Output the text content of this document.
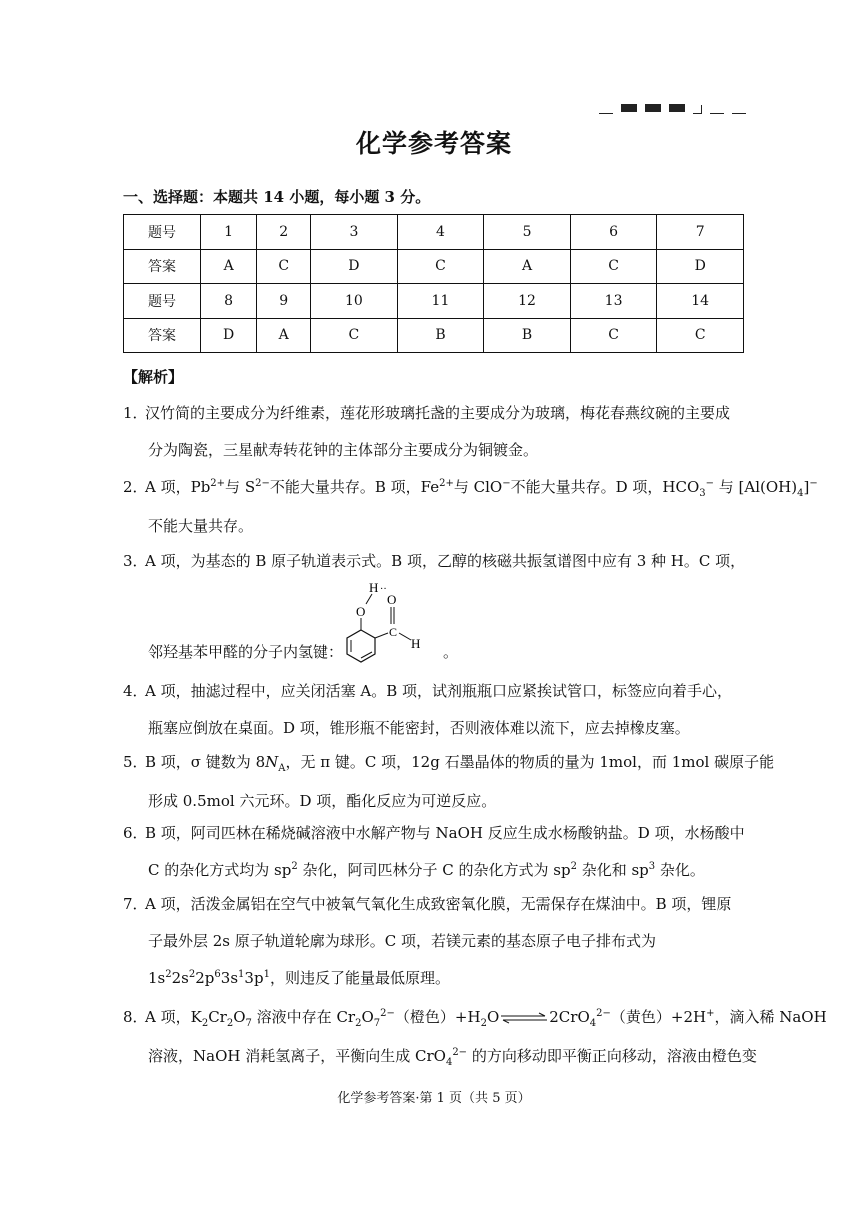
化学参考答案
一、选择题：本题共 14 小题，每小题 3 分。
题号	1	2	3	4	5	6	7
答案	A	C	D	C	A	C	D
题号	8	9	10	11	12	13	14
答案	D	A	C	B	B	C	C
【解析】
1．
汉竹简的主要成分为纤维素，莲花形玻璃托盏的主要成分为玻璃，梅花春燕纹碗的主要成
分为陶瓷，三星献寿转花钟的主体部分主要成分为铜镀金。
2．
A 项，$Pb^{2+}$与 $S^{2-}$不能大量共存。B 项，$Fe^{2+}$与 ClO−不能大量共存。D 项，$HCO_3^-$ 与 $[Al(OH)_4]^-$
不能大量共存。
3．
A 项，为基态的 B 原子轨道表示式。B 项，乙醇的核磁共振氢谱图中应有 3 种 H。C 项，
邻羟基苯甲醛的分子内氢键：
H ··
O
O
C
H 。
4．
A 项，抽滤过程中，应关闭活塞 A。B 项，试剂瓶瓶口应紧挨试管口，标签应向着手心，
瓶塞应倒放在桌面。D 项，锥形瓶不能密封，否则液体难以流下，应去掉橡皮塞。
5．
B 项，σ 键数为 $8N_A$，无 π 键。C 项，12g 石墨晶体的物质的量为 1mol，而 1mol 碳原子能
形成 0.5mol 六元环。D 项，酯化反应为可逆反应。
6．
B 项，阿司匹林在稀烧碱溶液中水解产物与 NaOH 反应生成水杨酸钠盐。D 项，水杨酸中
C 的杂化方式均为 $sp^2$ 杂化，阿司匹林分子 C 的杂化方式为 $sp^2$ 杂化和 $sp^3$ 杂化。
7．
A 项，活泼金属铝在空气中被氧气氧化生成致密氧化膜，无需保存在煤油中。B 项，锂原
子最外层 2s 原子轨道轮廓为球形。C 项，若镁元素的基态原子电子排布式为
$1s^22s^22p^63s^13p^1$，则违反了能量最低原理。
8．
A 项，$K_2Cr_2O_7$ 溶液中存在 $Cr_2O_7^{2-}$（橙色）$+H_2O\rightleftharpoons 2CrO_4^{2-}$（黄色）+2H+，滴入稀 NaOH
溶液，NaOH 消耗氢离子，平衡向生成 CrO$_4^{2-}$ 的方向移动即平衡正向移动，溶液由橙色变
化学参考答案·第 1 页（共 5 页）
